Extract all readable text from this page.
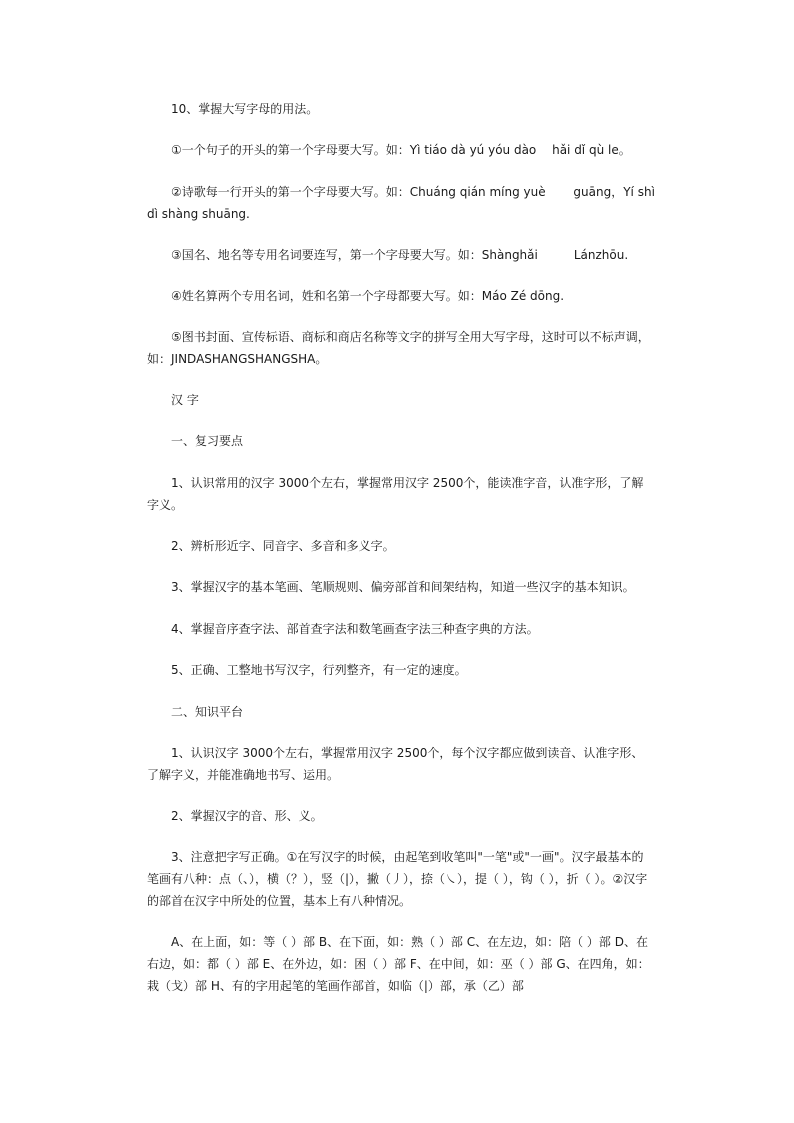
10、掌握大写字母的用法。

①一个句子的开头的第一个字母要大写。如：Yì tiáo dà yú yóu dào　 hǎi dǐ qù le。

②诗歌每一行开头的第一个字母要大写。如：Chuáng qián míng yuè　　 guāng，Yí shì dì shàng shuāng.

③国名、地名等专用名词要连写，第一个字母要大写。如：Shànghǎi　　　Lánzhōu.

④姓名算两个专用名词，姓和名第一个字母都要大写。如：Máo Zé dōng.

⑤图书封面、宣传标语、商标和商店名称等文字的拼写全用大写字母，这时可以不标声调，如：JINDASHANGSHANGSHA。

汉 字

一、复习要点

1、认识常用的汉字 3000个左右，掌握常用汉字 2500个，能读准字音，认准字形，了解字义。

2、辨析形近字、同音字、多音和多义字。

3、掌握汉字的基本笔画、笔顺规则、偏旁部首和间架结构，知道一些汉字的基本知识。

4、掌握音序查字法、部首查字法和数笔画查字法三种查字典的方法。

5、正确、工整地书写汉字，行列整齐，有一定的速度。

二、知识平台

1、认识汉字 3000个左右，掌握常用汉字 2500个，每个汉字都应做到读音、认准字形、了解字义，并能准确地书写、运用。

2、掌握汉字的音、形、义。

3、注意把字写正确。①在写汉字的时候，由起笔到收笔叫"一笔"或"一画"。汉字最基本的笔画有八种：点（、），横（？），竖（|），撇（丿），捺（㇏），提（ ），钩（ ），折（ ）。②汉字的部首在汉字中所处的位置，基本上有八种情况。

A、在上面，如：等（ ）部 B、在下面，如：熟（ ）部 C、在左边，如：陪（ ）部 D、在右边，如：都（ ）部 E、在外边，如：困（ ）部 F、在中间，如：巫（ ）部 G、在四角，如：栽（戈）部 H、有的字用起笔的笔画作部首，如临（|）部，承（乙）部
